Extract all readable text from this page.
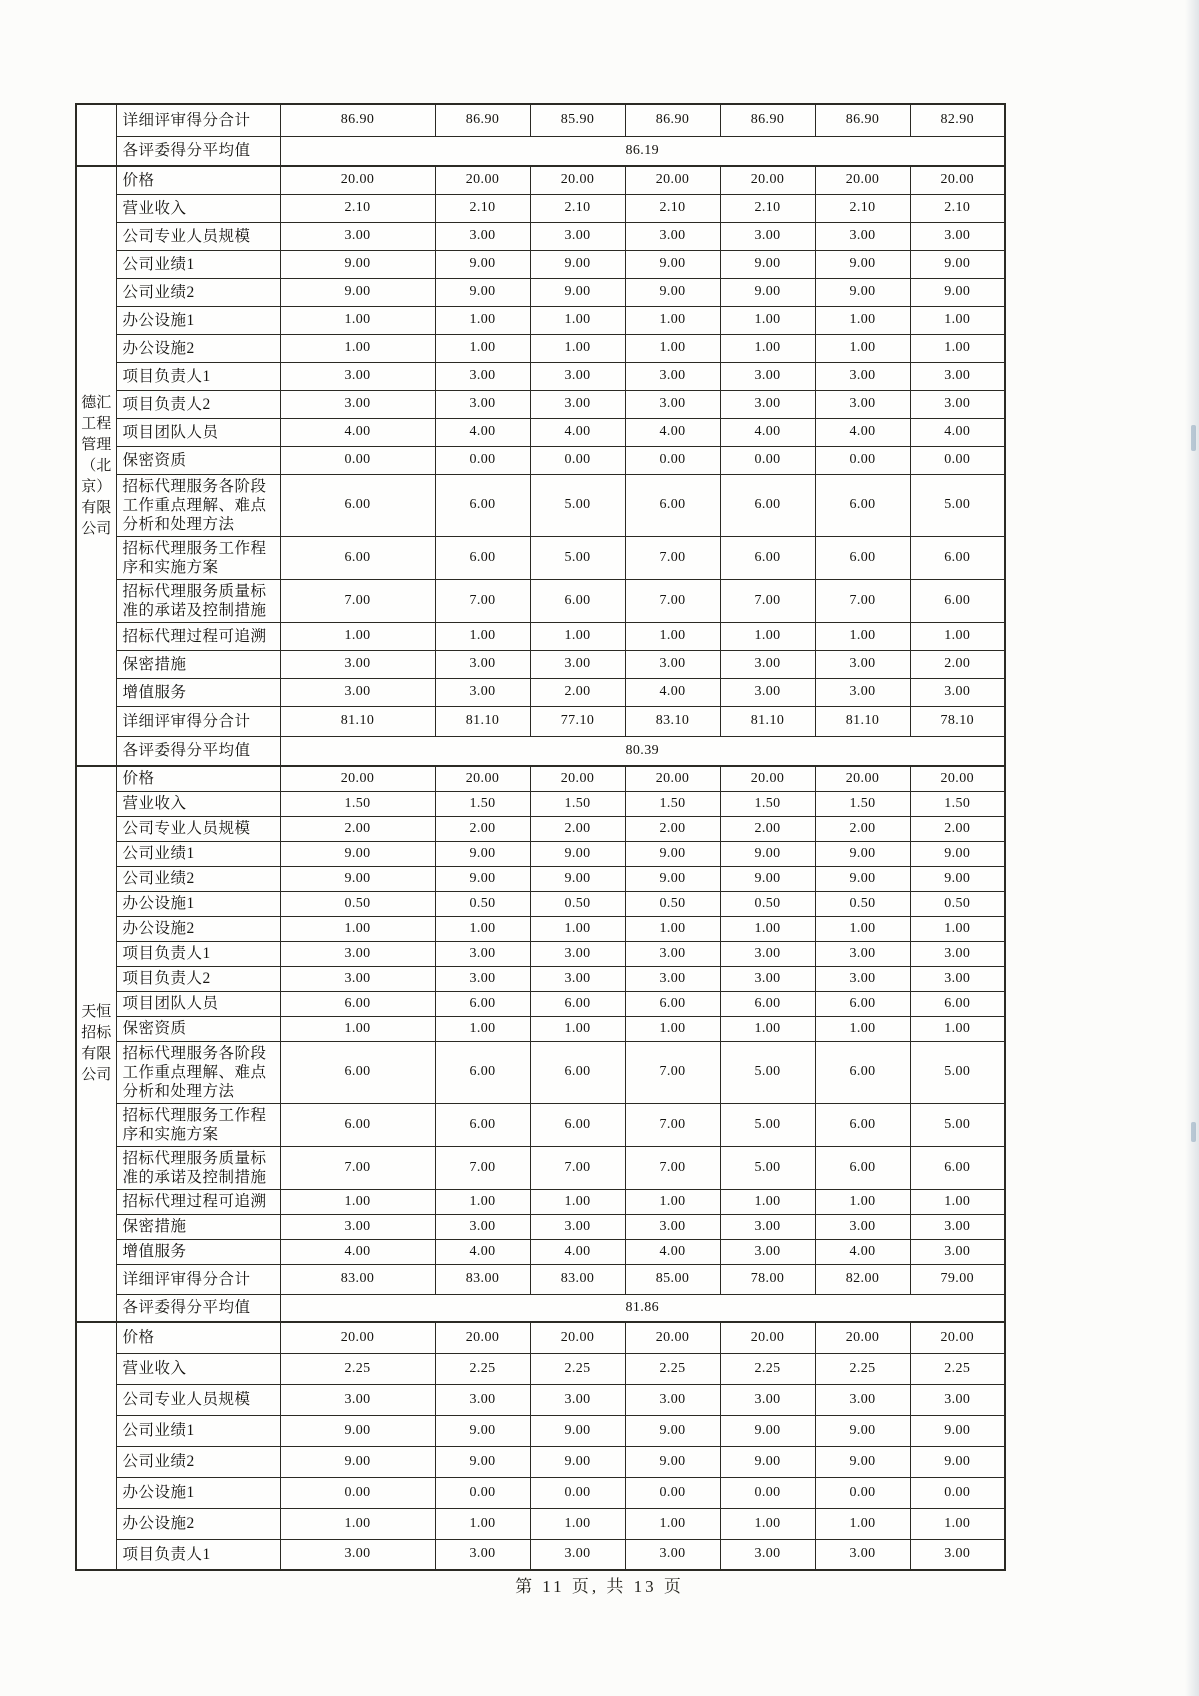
	详细评审得分合计	86.90	86.90	85.90	86.90	86.90	86.90	82.90
	各评委得分平均值	86.19						
德汇工程管理（北京）有限公司	价格	20.00	20.00	20.00	20.00	20.00	20.00	20.00
	营业收入	2.10	2.10	2.10	2.10	2.10	2.10	2.10
	公司专业人员规模	3.00	3.00	3.00	3.00	3.00	3.00	3.00
	公司业绩1	9.00	9.00	9.00	9.00	9.00	9.00	9.00
	公司业绩2	9.00	9.00	9.00	9.00	9.00	9.00	9.00
	办公设施1	1.00	1.00	1.00	1.00	1.00	1.00	1.00
	办公设施2	1.00	1.00	1.00	1.00	1.00	1.00	1.00
	项目负责人1	3.00	3.00	3.00	3.00	3.00	3.00	3.00
	项目负责人2	3.00	3.00	3.00	3.00	3.00	3.00	3.00
	项目团队人员	4.00	4.00	4.00	4.00	4.00	4.00	4.00
	保密资质	0.00	0.00	0.00	0.00	0.00	0.00	0.00
	招标代理服务各阶段工作重点理解、难点分析和处理方法	6.00	6.00	5.00	6.00	6.00	6.00	5.00
	招标代理服务工作程序和实施方案	6.00	6.00	5.00	7.00	6.00	6.00	6.00
	招标代理服务质量标准的承诺及控制措施	7.00	7.00	6.00	7.00	7.00	7.00	6.00
	招标代理过程可追溯	1.00	1.00	1.00	1.00	1.00	1.00	1.00
	保密措施	3.00	3.00	3.00	3.00	3.00	3.00	2.00
	增值服务	3.00	3.00	2.00	4.00	3.00	3.00	3.00
	详细评审得分合计	81.10	81.10	77.10	83.10	81.10	81.10	78.10
	各评委得分平均值	80.39						
天恒招标有限公司	价格	20.00	20.00	20.00	20.00	20.00	20.00	20.00
	营业收入	1.50	1.50	1.50	1.50	1.50	1.50	1.50
	公司专业人员规模	2.00	2.00	2.00	2.00	2.00	2.00	2.00
	公司业绩1	9.00	9.00	9.00	9.00	9.00	9.00	9.00
	公司业绩2	9.00	9.00	9.00	9.00	9.00	9.00	9.00
	办公设施1	0.50	0.50	0.50	0.50	0.50	0.50	0.50
	办公设施2	1.00	1.00	1.00	1.00	1.00	1.00	1.00
	项目负责人1	3.00	3.00	3.00	3.00	3.00	3.00	3.00
	项目负责人2	3.00	3.00	3.00	3.00	3.00	3.00	3.00
	项目团队人员	6.00	6.00	6.00	6.00	6.00	6.00	6.00
	保密资质	1.00	1.00	1.00	1.00	1.00	1.00	1.00
	招标代理服务各阶段工作重点理解、难点分析和处理方法	6.00	6.00	6.00	7.00	5.00	6.00	5.00
	招标代理服务工作程序和实施方案	6.00	6.00	6.00	7.00	5.00	6.00	5.00
	招标代理服务质量标准的承诺及控制措施	7.00	7.00	7.00	7.00	5.00	6.00	6.00
	招标代理过程可追溯	1.00	1.00	1.00	1.00	1.00	1.00	1.00
	保密措施	3.00	3.00	3.00	3.00	3.00	3.00	3.00
	增值服务	4.00	4.00	4.00	4.00	3.00	4.00	3.00
	详细评审得分合计	83.00	83.00	83.00	85.00	78.00	82.00	79.00
	各评委得分平均值	81.86						
	价格	20.00	20.00	20.00	20.00	20.00	20.00	20.00
	营业收入	2.25	2.25	2.25	2.25	2.25	2.25	2.25
	公司专业人员规模	3.00	3.00	3.00	3.00	3.00	3.00	3.00
	公司业绩1	9.00	9.00	9.00	9.00	9.00	9.00	9.00
	公司业绩2	9.00	9.00	9.00	9.00	9.00	9.00	9.00
	办公设施1	0.00	0.00	0.00	0.00	0.00	0.00	0.00
	办公设施2	1.00	1.00	1.00	1.00	1.00	1.00	1.00
	项目负责人1	3.00	3.00	3.00	3.00	3.00	3.00	3.00
第 11 页, 共 13 页
